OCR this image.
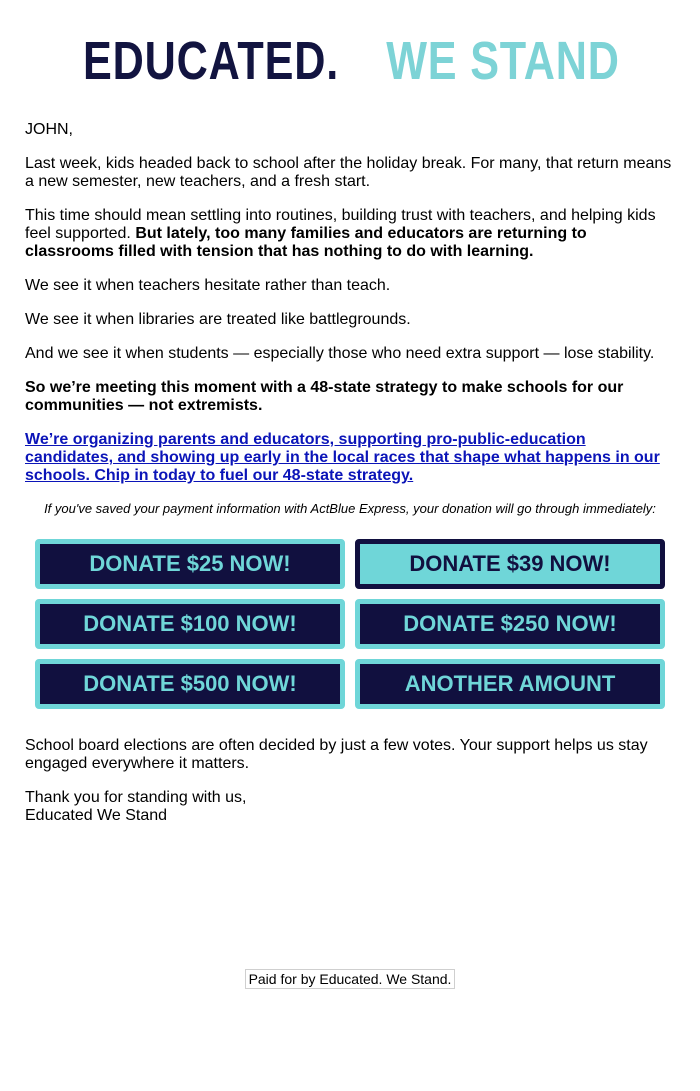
EDUCATED. WE STAND

JOHN,

Last week, kids headed back to school after the holiday break. For many, that return means a new semester, new teachers, and a fresh start.

This time should mean settling into routines, building trust with teachers, and helping kids feel supported. But lately, too many families and educators are returning to classrooms filled with tension that has nothing to do with learning.

We see it when teachers hesitate rather than teach.

We see it when libraries are treated like battlegrounds.

And we see it when students — especially those who need extra support — lose stability.

So we’re meeting this moment with a 48-state strategy to make schools for our communities — not extremists.

We’re organizing parents and educators, supporting pro-public-education candidates, and showing up early in the local races that shape what happens in our schools. Chip in today to fuel our 48-state strategy.

If you've saved your payment information with ActBlue Express, your donation will go through immediately:

DONATE $25 NOW!	DONATE $39 NOW!
DONATE $100 NOW!	DONATE $250 NOW!
DONATE $500 NOW!	ANOTHER AMOUNT

School board elections are often decided by just a few votes. Your support helps us stay engaged everywhere it matters.

Thank you for standing with us,
Educated We Stand

Paid for by Educated. We Stand.
